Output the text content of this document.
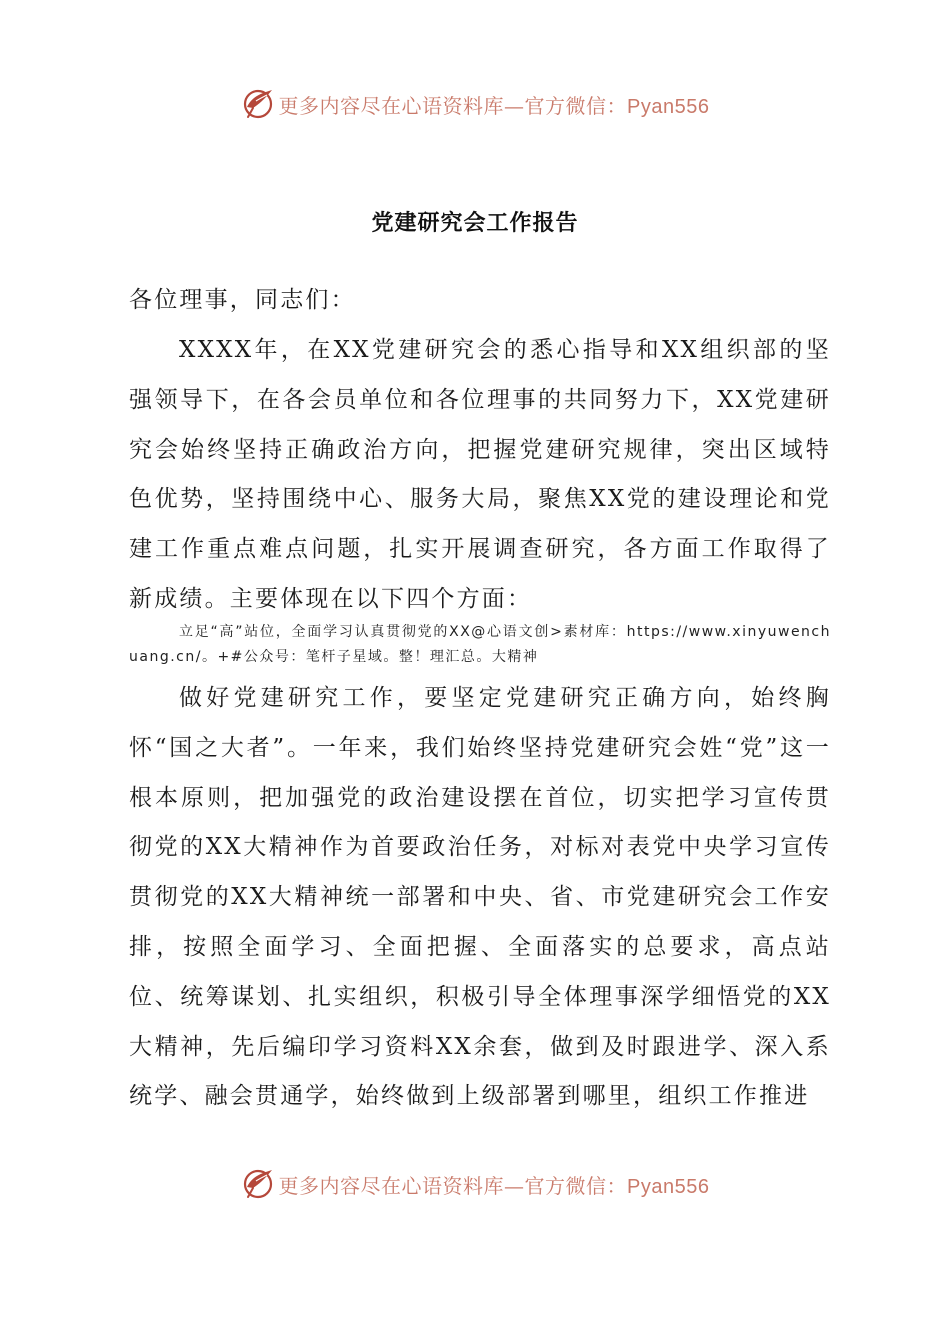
更多内容尽在心语资料库—官方微信：Pyan556
党建研究会工作报告
各位理事，同志们：
XXXX年，在XX党建研究会的悉心指导和XX组织部的坚强领导下，在各会员单位和各位理事的共同努力下，XX党建研究会始终坚持正确政治方向，把握党建研究规律，突出区域特色优势，坚持围绕中心、服务大局，聚焦XX党的建设理论和党建工作重点难点问题，扎实开展调查研究，各方面工作取得了新成绩。主要体现在以下四个方面：
立足“高”站位，全面学习认真贯彻党的XX@心语文创>素材库：https://www.xinyuwenchuang.cn/。+#公众号：笔杆子星域。整！理汇总。大精神
做好党建研究工作，要坚定党建研究正确方向，始终胸怀“国之大者”。一年来，我们始终坚持党建研究会姓“党”这一根本原则，把加强党的政治建设摆在首位，切实把学习宣传贯彻党的XX大精神作为首要政治任务，对标对表党中央学习宣传贯彻党的XX大精神统一部署和中央、省、市党建研究会工作安排，按照全面学习、全面把握、全面落实的总要求，高点站位、统筹谋划、扎实组织，积极引导全体理事深学细悟党的XX大精神，先后编印学习资料XX余套，做到及时跟进学、深入系统学、融会贯通学，始终做到上级部署到哪里，组织工作推进
更多内容尽在心语资料库—官方微信：Pyan556
